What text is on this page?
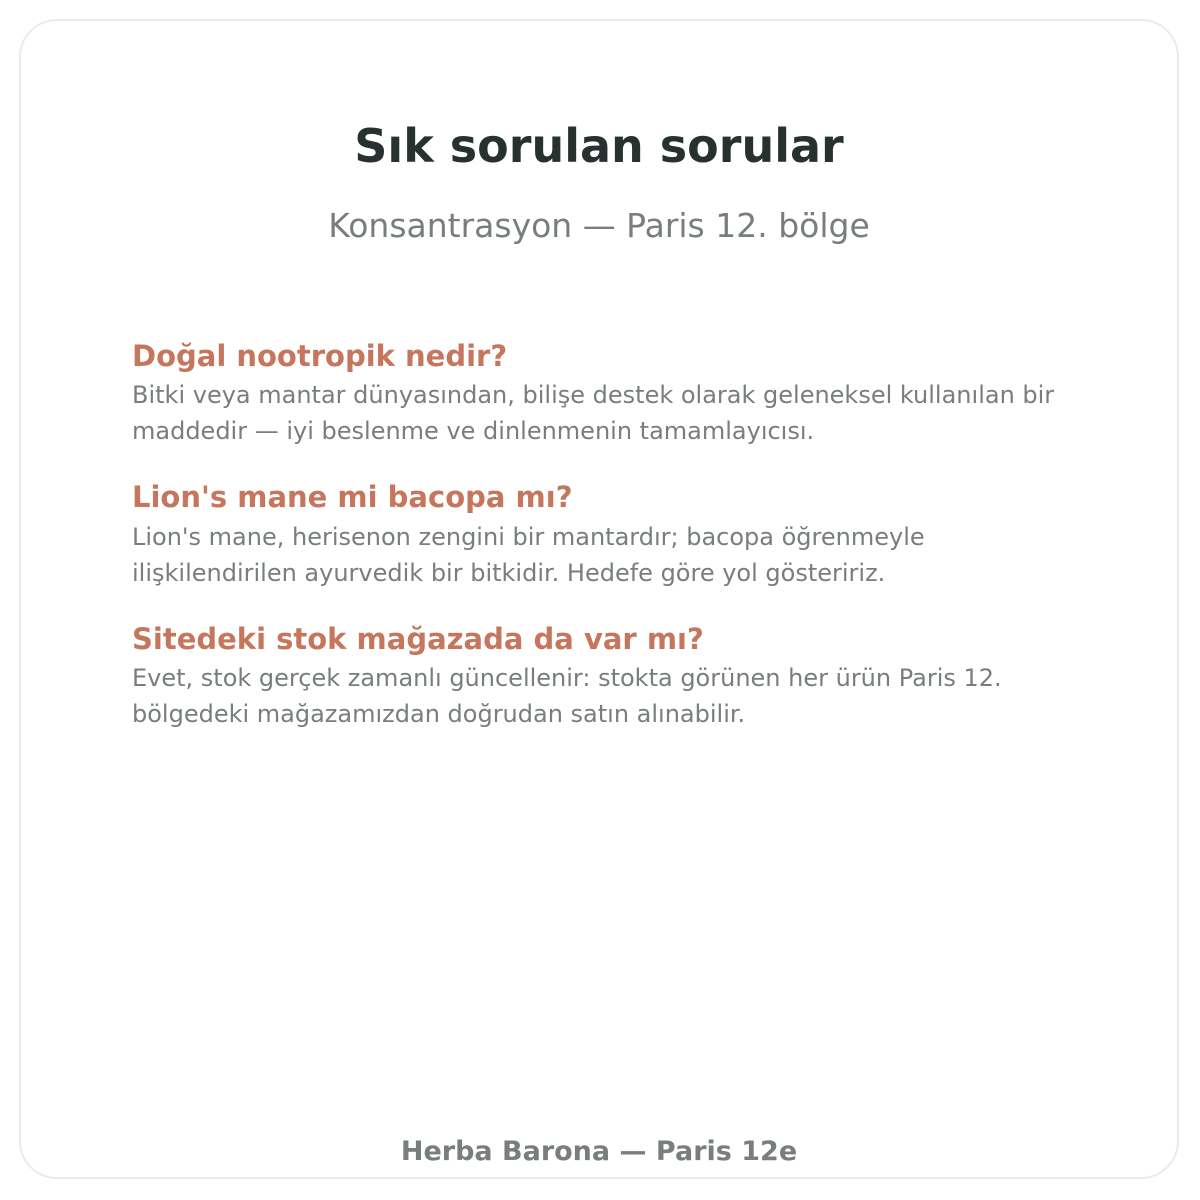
Sık sorulan sorular
Konsantrasyon — Paris 12. bölge
Doğal nootropik nedir?
Bitki veya mantar dünyasından, bilişe destek olarak geleneksel kullanılan bir maddedir — iyi beslenme ve dinlenmenin tamamlayıcısı.
Lion's mane mi bacopa mı?
Lion's mane, herisenon zengini bir mantardır; bacopa öğrenmeyle ilişkilendirilen ayurvedik bir bitkidir. Hedefe göre yol gösteririz.
Sitedeki stok mağazada da var mı?
Evet, stok gerçek zamanlı güncellenir: stokta görünen her ürün Paris 12. bölgedeki mağazamızdan doğrudan satın alınabilir.
Herba Barona — Paris 12e
